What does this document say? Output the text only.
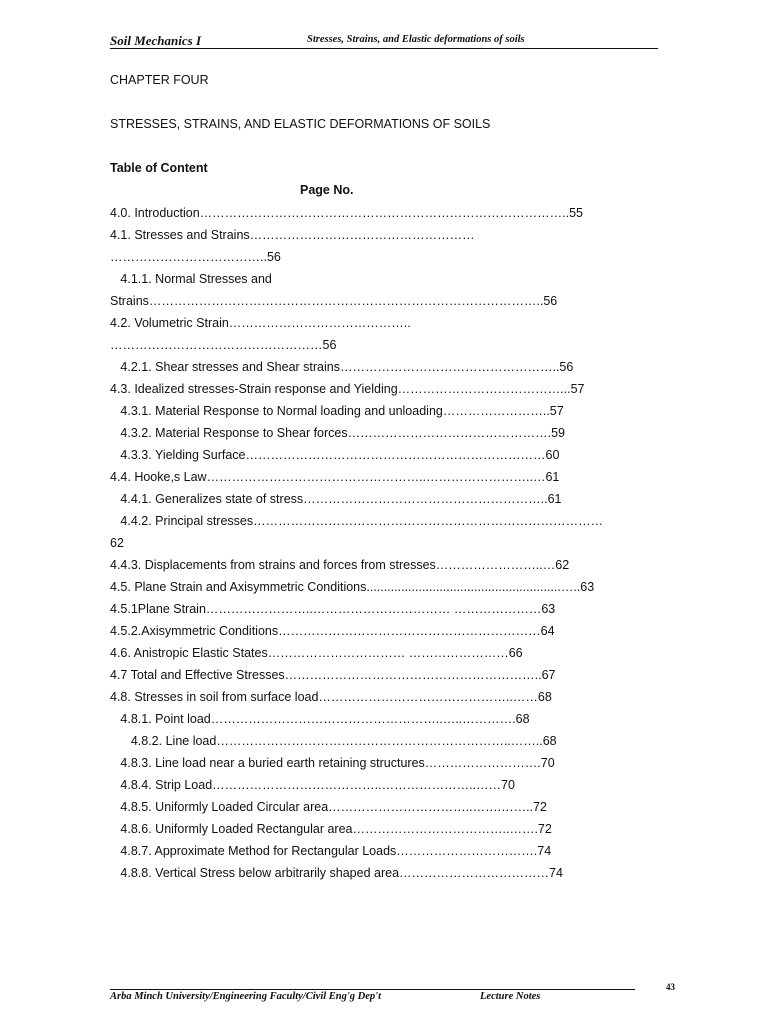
Soil Mechanics I	Stresses, Strains, and Elastic deformations of soils
CHAPTER FOUR
STRESSES, STRAINS, AND ELASTIC DEFORMATIONS OF SOILS
Table of Content
Page No.
4.0. Introduction……………………………………………………………………………..55
4.1. Stresses and Strains………………………………………………
………………………………..56
4.1.1. Normal Stresses and
Strains…………………………………………………………………………………..56
4.2. Volumetric Strain……………………………………..
……………………………………………56
4.2.1. Shear stresses and Shear strains……………………………………………..56
4.3. Idealized stresses-Strain response and Yielding…………………………………...57
4.3.1. Material Response to Normal loading and unloading……………………..57
4.3.2. Material Response to Shear forces………………………………………….59
4.3.3. Yielding Surface………………………………………………………………60
4.4. Hooke,s Law……………………………………………..……………………..…61
4.4.1. Generalizes state of stress…………………………………………………..61
4.4.2. Principal stresses…………………………………………………………………………
62
4.4.3. Displacements from strains and forces from stresses……………………..…62
4.5. Plane Strain and Axisymmetric Conditions........................................................…..63
4.5.1Plane Strain……………………..…………………………… …………………63
4.5.2.Axisymmetric Conditions………………………………………………………64
4.6. Anistropic Elastic States…………………………… ……………………66
4.7 Total and Effective Stresses……………………………………………………..67
4.8. Stresses in soil from surface load………………………………………..……68
4.8.1. Point load………………………………………………..…..………….68
4.8.2. Line load……………………………………………………………..……..68
4.8.3. Line load near a buried earth retaining structures……………………….70
4.8.4. Strip Load…………………………………..…………………..……70
4.8.5. Uniformly Loaded Circular area……………………………..…….……..72
4.8.6. Uniformly Loaded Rectangular area………………………………..…….72
4.8.7. Approximate Method for Rectangular Loads…………………………….74
4.8.8. Vertical Stress below arbitrarily shaped area………………………………74
Arba Minch University/Engineering Faculty/Civil Eng'g Dep't	Lecture Notes
43
